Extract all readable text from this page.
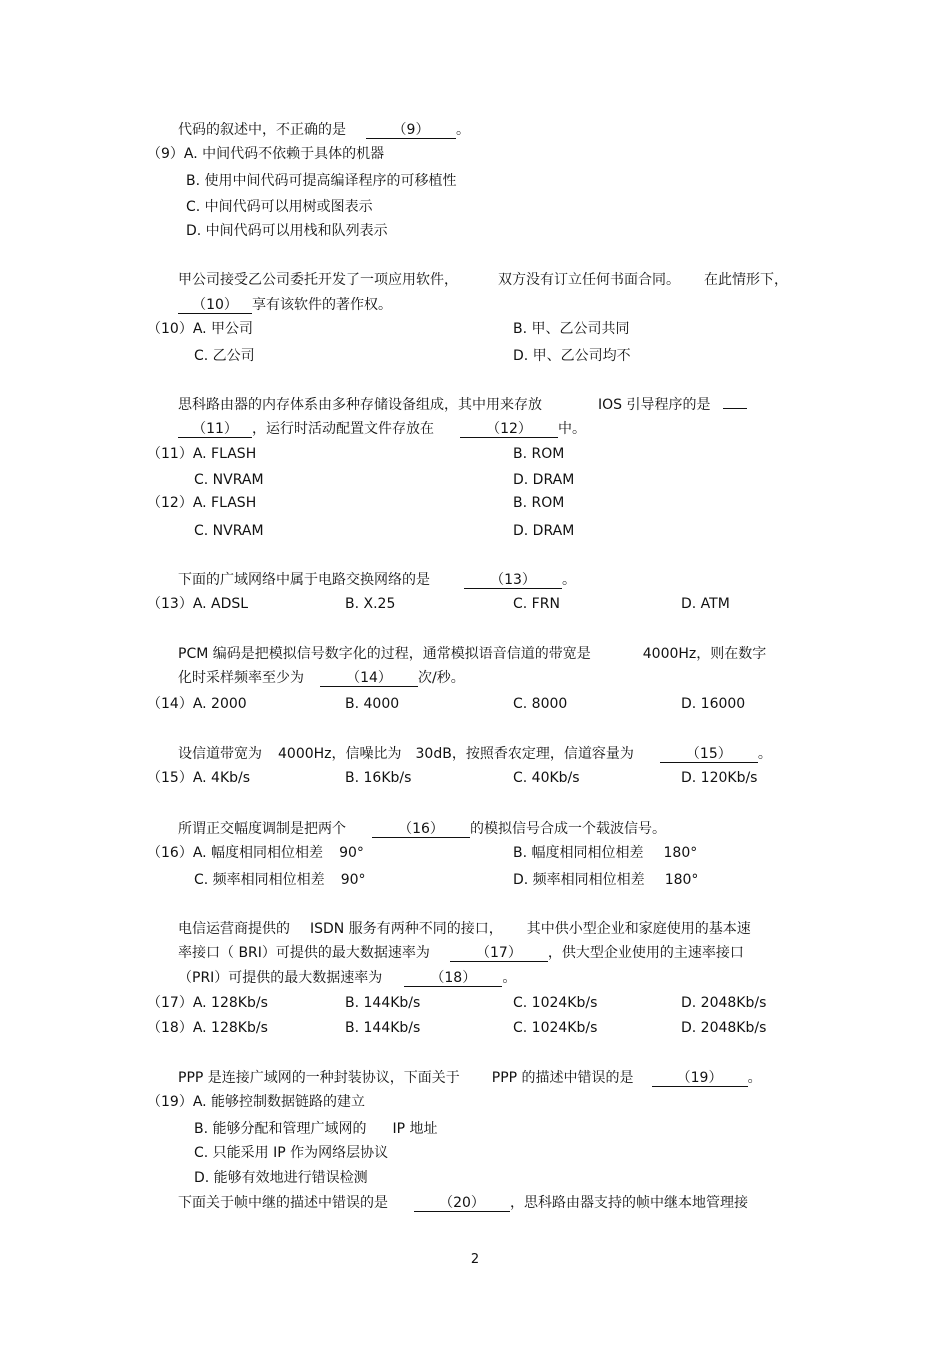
代码的叙述中，不正确的是	（9） 。
（9）A. 中间代码不依赖于具体的机器
B. 使用中间代码可提高编译程序的可移植性
C. 中间代码可以用树或图表示
D. 中间代码可以用栈和队列表示
甲公司接受乙公司委托开发了一项应用软件，	双方没有订立任何书面合同。 在此情形下，
（10） 享有该软件的著作权。
（10）A. 甲公司	B. 甲、乙公司共同
C. 乙公司	D. 甲、乙公司均不
思科路由器的内存体系由多种存储设备组成，其中用来存放	IOS 引导程序的是
（11） ，运行时活动配置文件存放在	（12） 中。
（11）A. FLASH	B. ROM
C. NVRAM	D. DRAM
（12）A. FLASH	B. ROM
C. NVRAM	D. DRAM
下面的广域网络中属于电路交换网络的是	（13） 。
（13）A. ADSL	B. X.25	C. FRN	D. ATM
PCM 编码是把模拟信号数字化的过程，通常模拟语音信道的带宽是	4000Hz，则在数字
化时采样频率至少为	（14） 次/秒。
（14）A. 2000	B. 4000	C. 8000	D. 16000
设信道带宽为 4000Hz，信噪比为 30dB，按照香农定理，信道容量为	（15） 。
（15）A. 4Kb/s	B. 16Kb/s	C. 40Kb/s	D. 120Kb/s
所谓正交幅度调制是把两个	（16） 的模拟信号合成一个载波信号。
（16）A. 幅度相同相位相差 90°	B. 幅度相同相位相差 180°
C. 频率相同相位相差 90°	D. 频率相同相位相差 180°
电信运营商提供的 ISDN 服务有两种不同的接口， 其中供小型企业和家庭使用的基本速
率接口（ BRI）可提供的最大数据速率为	（17） ，供大型企业使用的主速率接口
（PRI）可提供的最大数据速率为	（18） 。
（17）A. 128Kb/s	B. 144Kb/s	C. 1024Kb/s	D. 2048Kb/s
（18）A. 128Kb/s	B. 144Kb/s	C. 1024Kb/s	D. 2048Kb/s
PPP 是连接广域网的一种封装协议，下面关于 PPP 的描述中错误的是	（19） 。
（19）A. 能够控制数据链路的建立
B. 能够分配和管理广域网的 IP 地址
C. 只能采用 IP 作为网络层协议
D. 能够有效地进行错误检测
下面关于帧中继的描述中错误的是	（20） ，思科路由器支持的帧中继本地管理接
2
